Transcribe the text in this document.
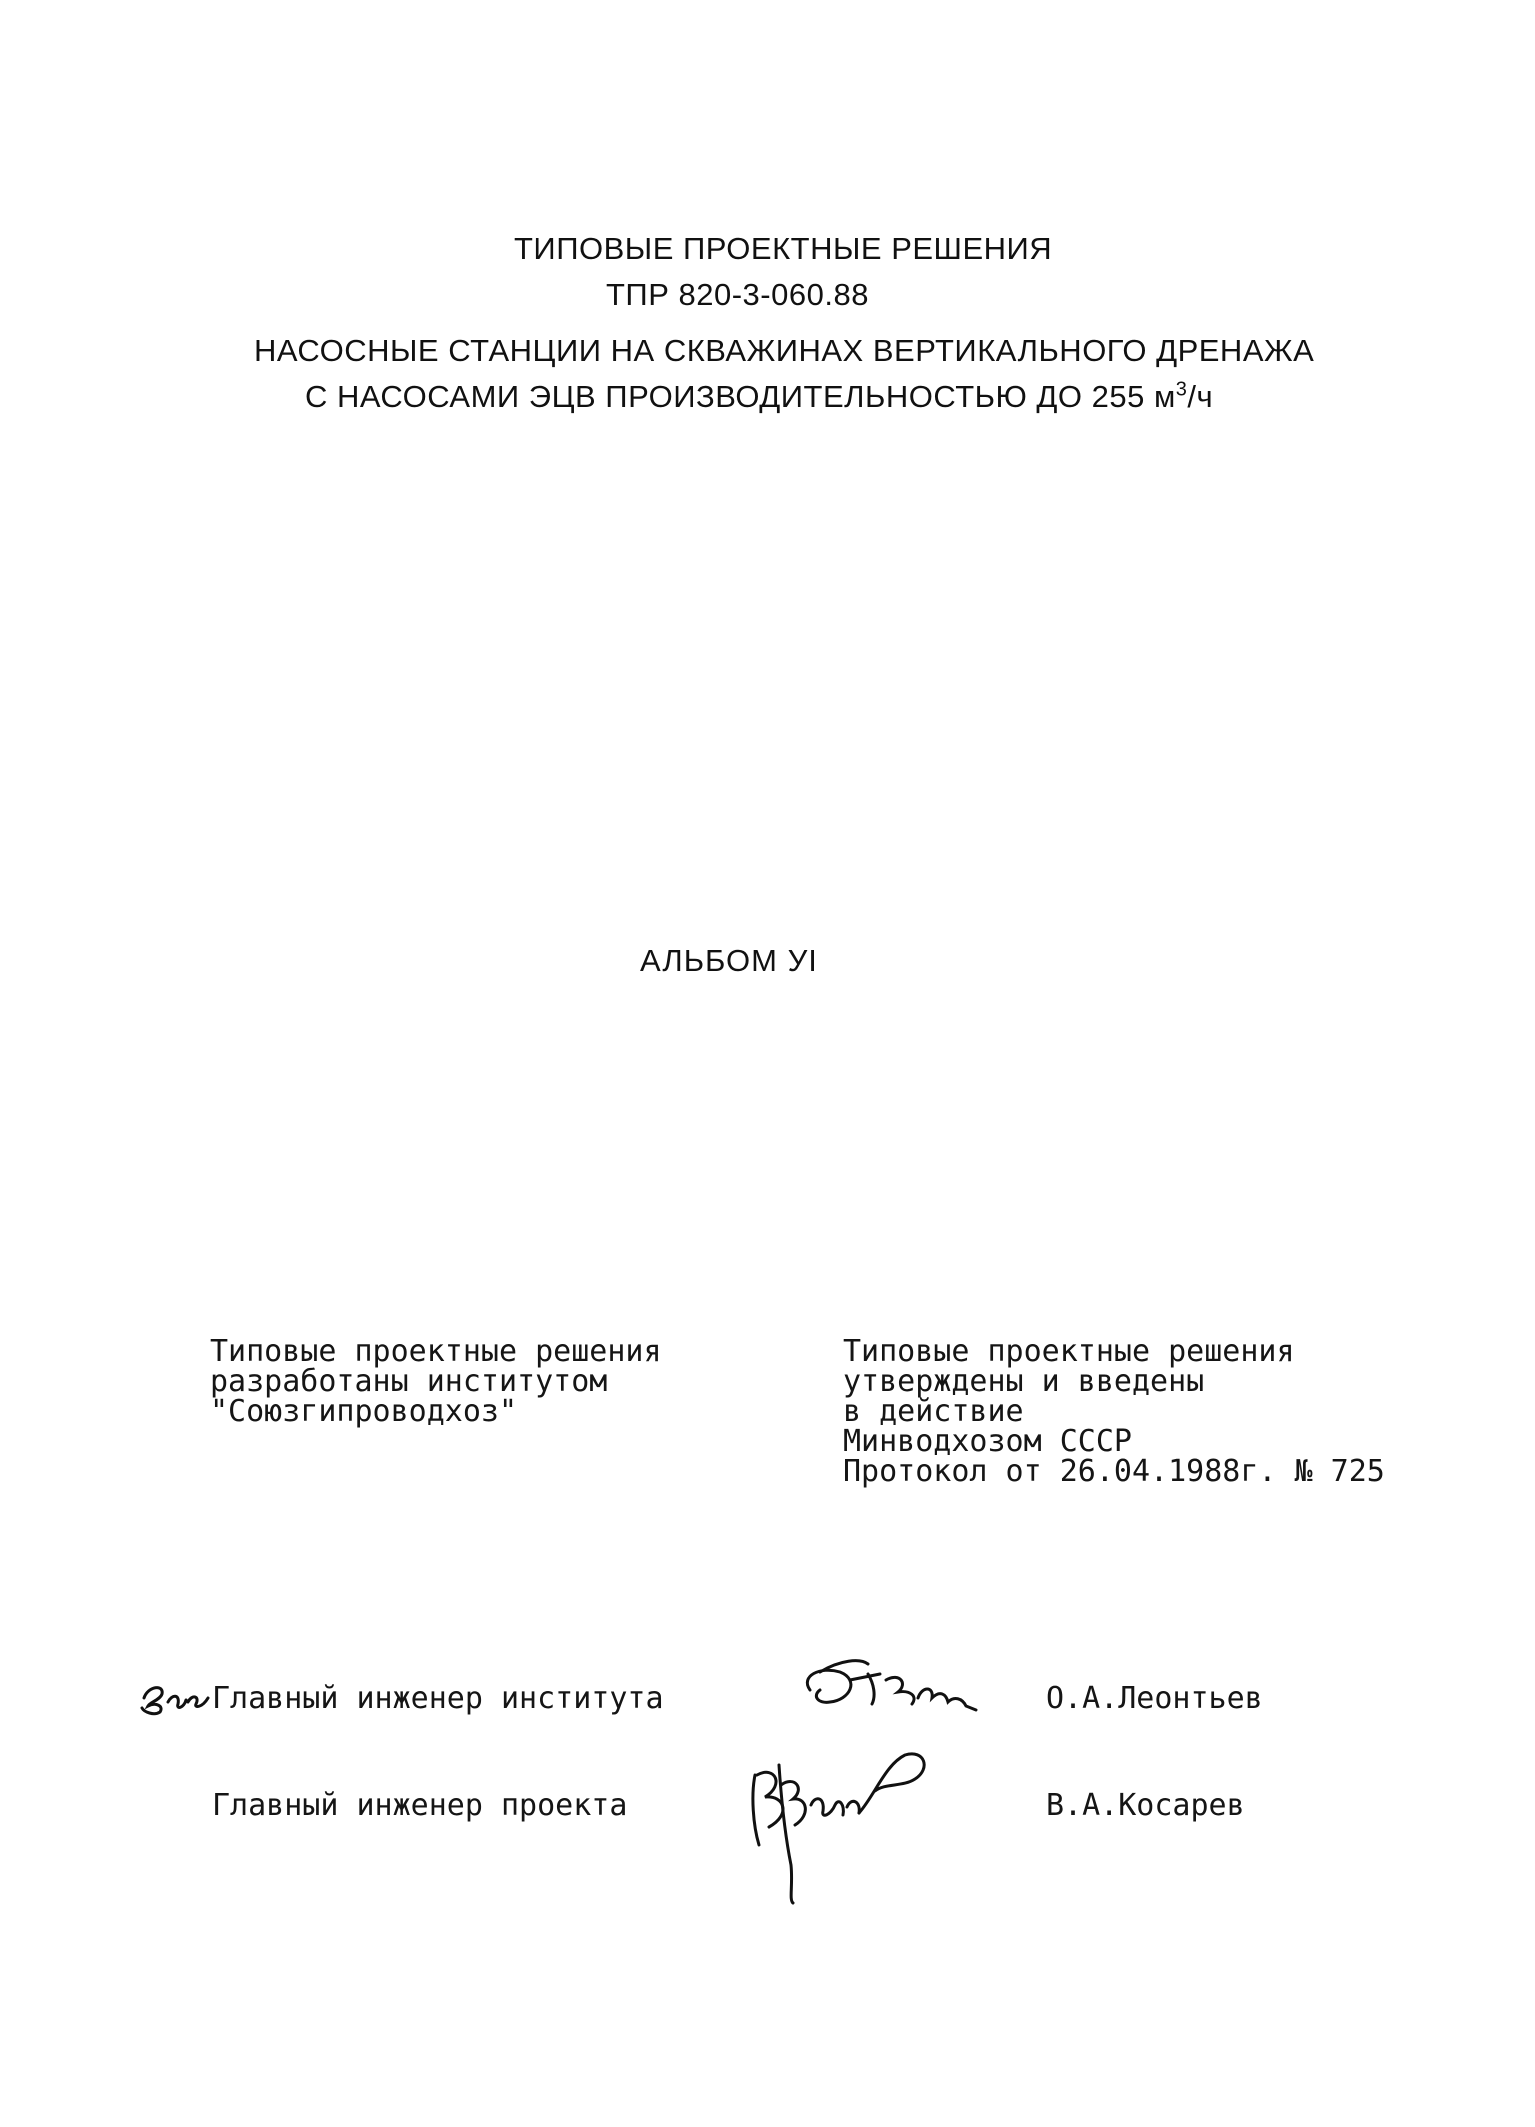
ТИПОВЫЕ ПРОЕКТНЫЕ РЕШЕНИЯ
ТПР 820-3-060.88
НАСОСНЫЕ СТАНЦИИ НА СКВАЖИНАХ ВЕРТИКАЛЬНОГО ДРЕНАЖА
С НАСОСАМИ ЭЦВ ПРОИЗВОДИТЕЛЬНОСТЬЮ ДО 255 $м^3/ч$
АЛЬБОМ УI
Типовые проектные решения
разработаны институтом
"Союзгипроводхоз"
Типовые проектные решения
утверждены и введены
в действие
Минводхозом СССР
Протокол от 26.04.1988г. № 725
Главный инженер института	О.А.Леонтьев
Главный инженер проекта	В.А.Косарев
